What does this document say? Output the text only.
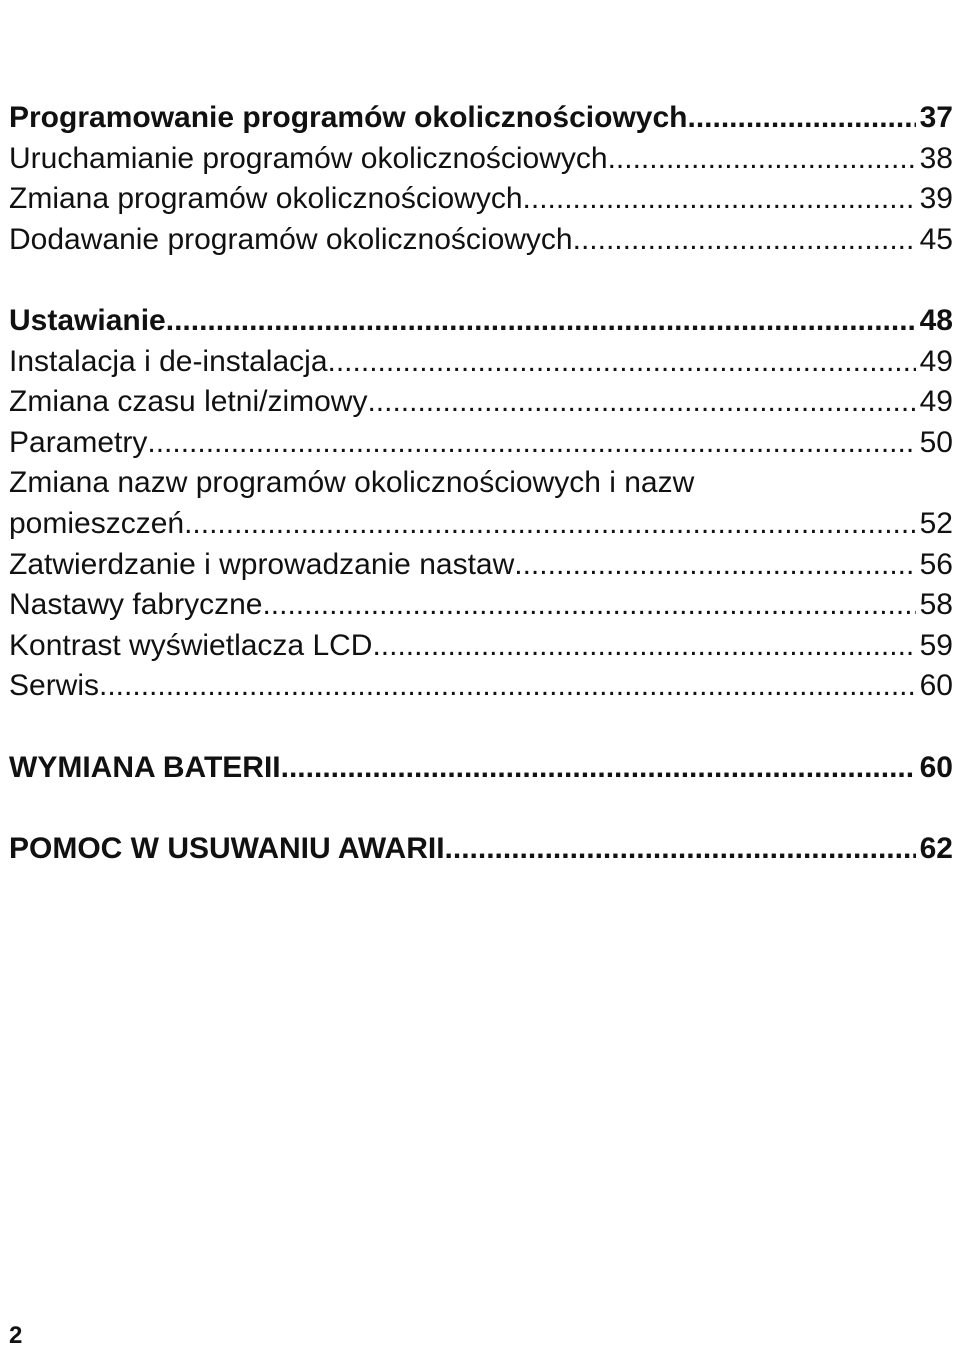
Programowanie programów okolicznościowych .....	37
Uruchamianie programów okolicznościowych .....	38
Zmiana programów okolicznościowych .....	39
Dodawanie programów okolicznościowych .....	45
Ustawianie .....	48
Instalacja i de-instalacja .....	49
Zmiana czasu letni/zimowy .....	49
Parametry .....	50
Zmiana nazw programów okolicznościowych i nazw
pomieszczeń .....	52
Zatwierdzanie i wprowadzanie nastaw .....	56
Nastawy fabryczne .....	58
Kontrast wyświetlacza LCD .....	59
Serwis .....	60
WYMIANA BATERII .....	60
POMOC W USUWANIU AWARII .....	62
2
